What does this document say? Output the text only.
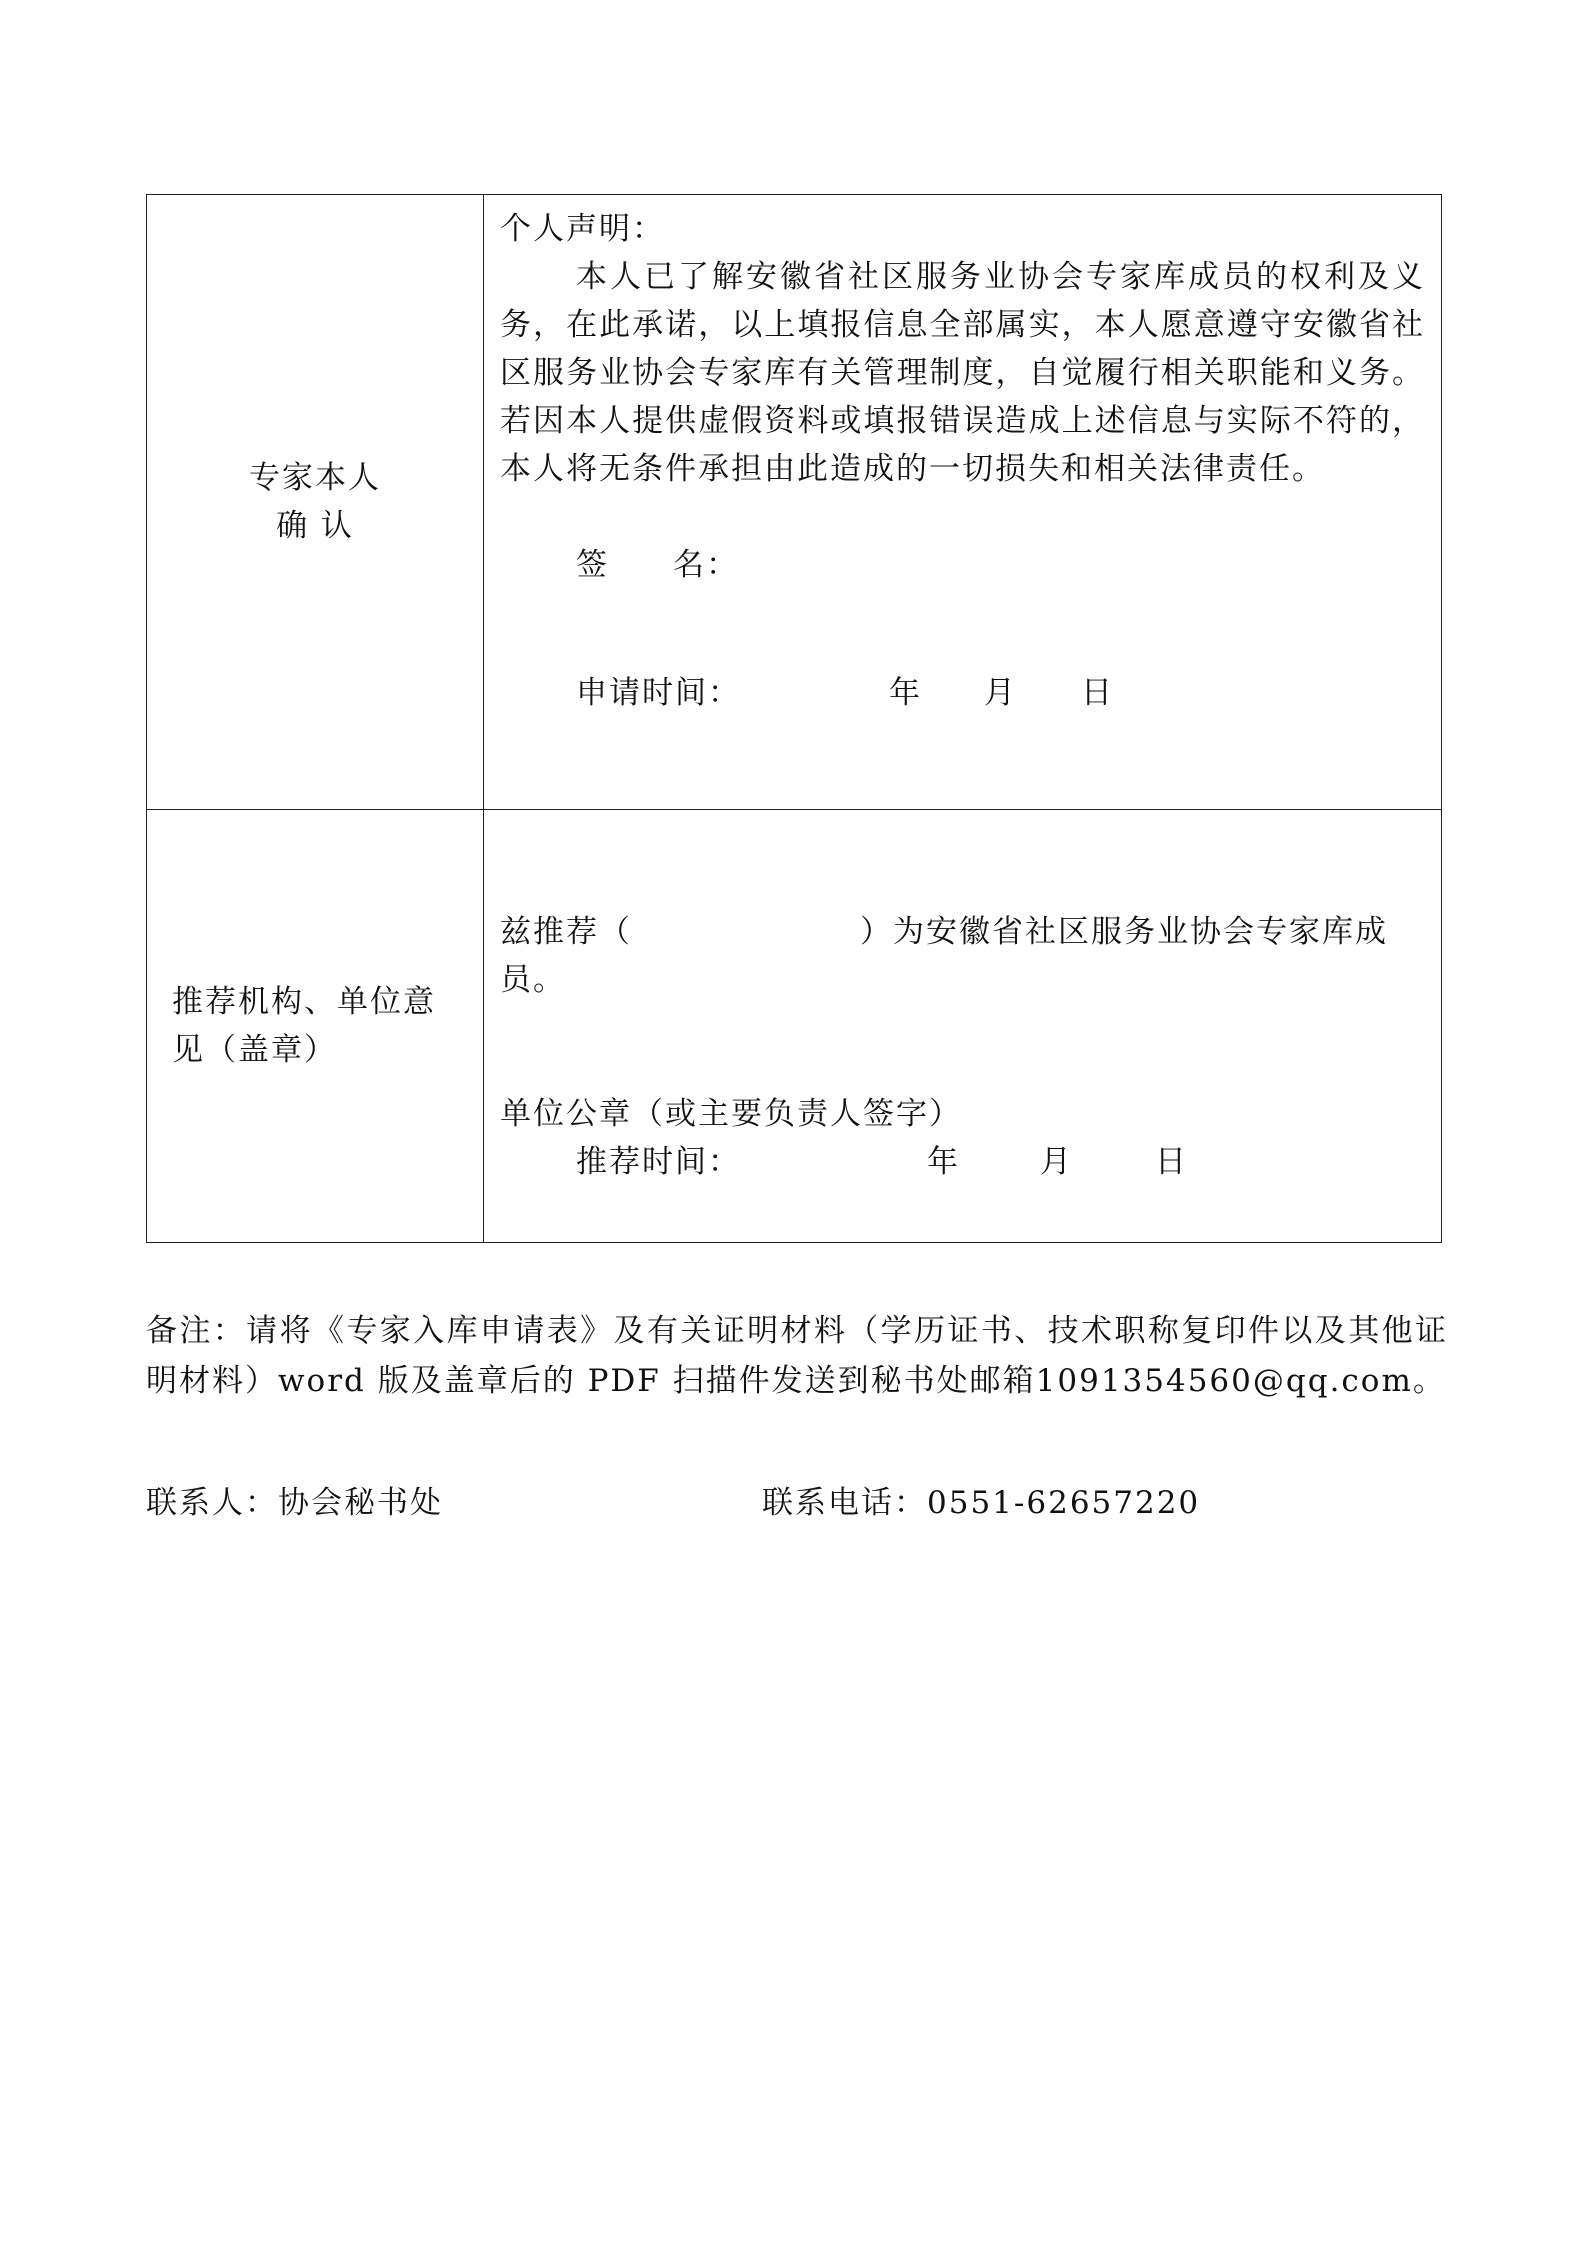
专家本人
确 认	个人声明：
本人已了解安徽省社区服务业协会专家库成员的权利及义务，在此承诺，以上填报信息全部属实，本人愿意遵守安徽省社区服务业协会专家库有关管理制度，自觉履行相关职能和义务。若因本人提供虚假资料或填报错误造成上述信息与实际不符的，本人将无条件承担由此造成的一切损失和相关法律责任。
签 名：
申请时间： 年 月 日

推荐机构、单位意
见（盖章）	兹推荐（ ）为安徽省社区服务业协会专家库成员。
单位公章（或主要负责人签字）
推荐时间： 年 月 日
备注：请将《专家入库申请表》及有关证明材料（学历证书、技术职称复印件以及其他证明材料）word 版及盖章后的 PDF 扫描件发送到秘书处邮箱1091354560@qq.com。
联系人：协会秘书处	联系电话：0551-62657220
